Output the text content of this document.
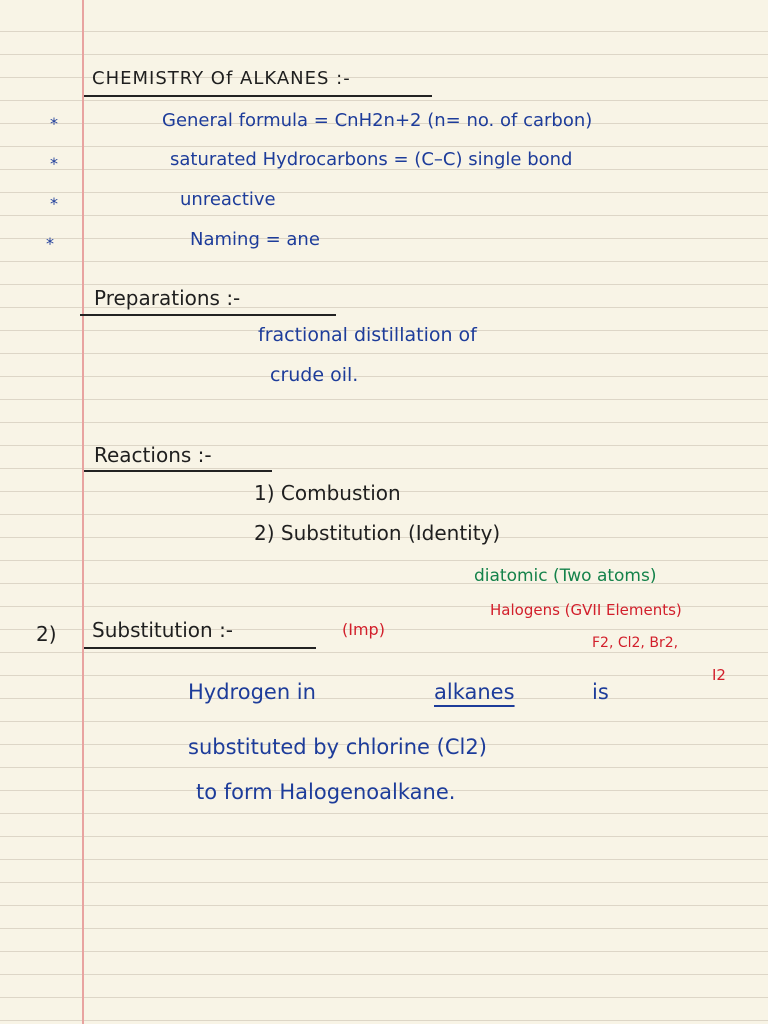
CHEMISTRY Of ALKANES :-
*	General formula = CnH2n+2 (n= no. of carbon)
*	saturated Hydrocarbons = (C–C) single bond
*	unreactive
*	Naming = ane
Preparations :-
fractional distillation of
crude oil.
Reactions :-
1) Combustion
2) Substitution (Identity)
diatomic (Two atoms)
Halogens (GVII Elements)
F2, Cl2, Br2,
I2
2) Substitution :-	(Imp)
Hydrogen in	alkanes	is
substituted by chlorine (Cl2)
to form Halogenoalkane.
